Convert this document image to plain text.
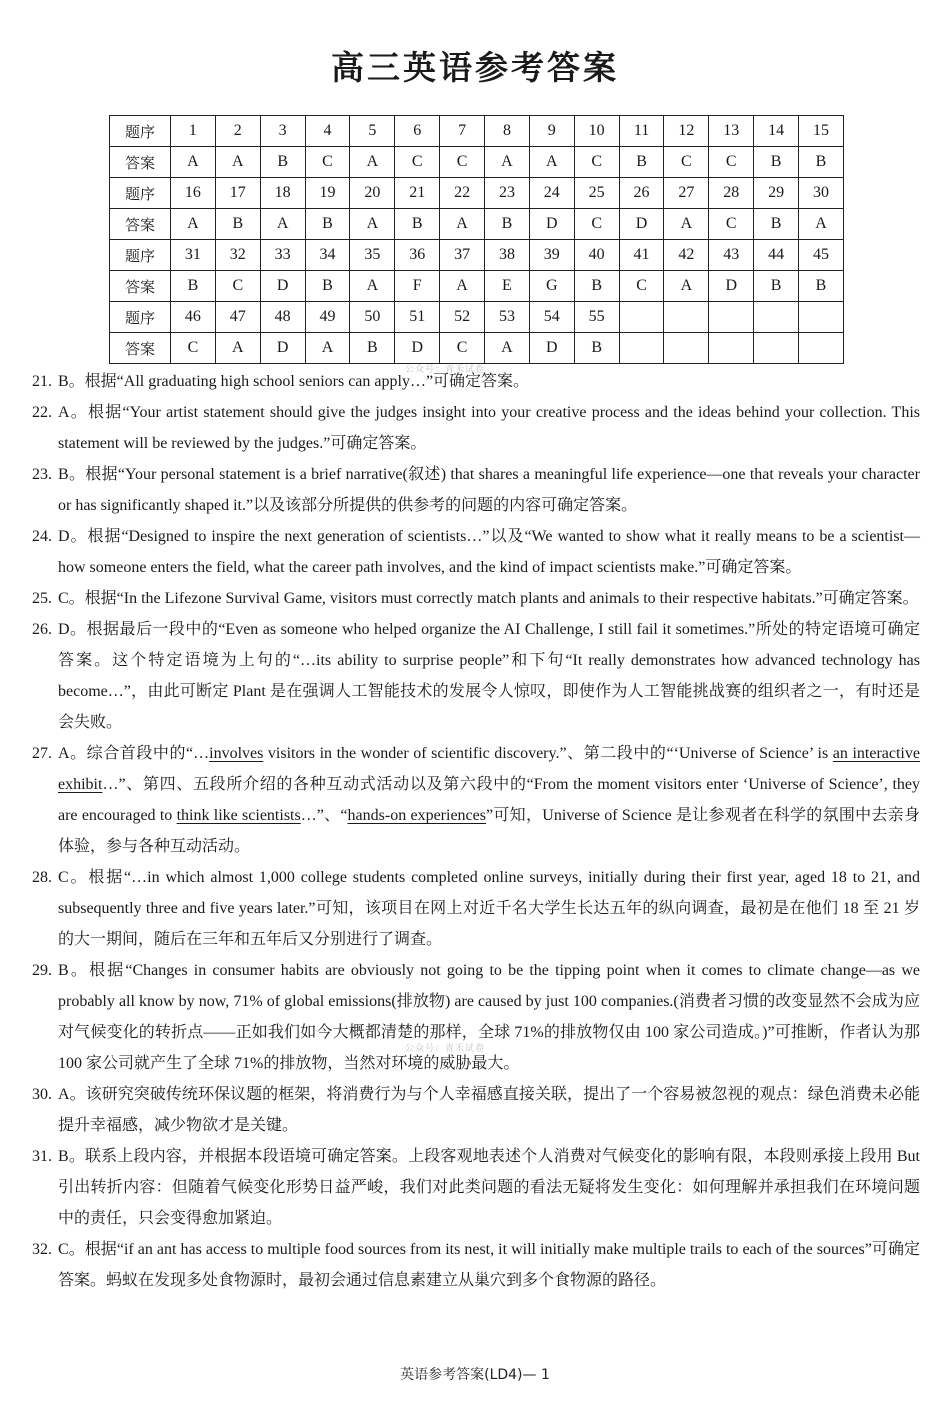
高三英语参考答案
题序	1	2	3	4	5	6	7	8	9	10	11	12	13	14	15
答案	A	A	B	C	A	C	C	A	A	C	B	C	C	B	B
题序	16	17	18	19	20	21	22	23	24	25	26	27	28	29	30
答案	A	B	A	B	A	B	A	B	D	C	D	A	C	B	A
题序	31	32	33	34	35	36	37	38	39	40	41	42	43	44	45
答案	B	C	D	B	A	F	A	E	G	B	C	A	D	B	B
题序	46	47	48	49	50	51	52	53	54	55					
答案	C	A	D	A	B	D	C	A	D	B					
公众号：青禾试卷
公众号：青禾试卷
21. B。根据“All graduating high school seniors can apply…”可确定答案。
22. A。根据“Your artist statement should give the judges insight into your creative process and the ideas behind your collection. This statement will be reviewed by the judges.”可确定答案。
23. B。根据“Your personal statement is a brief narrative(叙述) that shares a meaningful life experience—one that reveals your character or has significantly shaped it.”以及该部分所提供的供参考的问题的内容可确定答案。
24. D。根据“Designed to inspire the next generation of scientists…”以及“We wanted to show what it really means to be a scientist—how someone enters the field, what the career path involves, and the kind of impact scientists make.”可确定答案。
25. C。根据“In the Lifezone Survival Game, visitors must correctly match plants and animals to their respective habitats.”可确定答案。
26. D。根据最后一段中的“Even as someone who helped organize the AI Challenge, I still fail it sometimes.”所处的特定语境可确定答案。这个特定语境为上句的“…its ability to surprise people”和下句“It really demonstrates how advanced technology has become…”，由此可断定 Plant 是在强调人工智能技术的发展令人惊叹，即使作为人工智能挑战赛的组织者之一，有时还是会失败。
27. A。综合首段中的“…involves visitors in the wonder of scientific discovery.”、第二段中的“‘Universe of Science’ is an interactive exhibit…”、第四、五段所介绍的各种互动式活动以及第六段中的“From the moment visitors enter ‘Universe of Science’, they are encouraged to think like scientists…”、“hands-on experiences”可知，Universe of Science 是让参观者在科学的氛围中去亲身体验，参与各种互动活动。
28. C。根据“…in which almost 1,000 college students completed online surveys, initially during their first year, aged 18 to 21, and subsequently three and five years later.”可知，该项目在网上对近千名大学生长达五年的纵向调查，最初是在他们 18 至 21 岁的大一期间，随后在三年和五年后又分别进行了调查。
29. B。根据“Changes in consumer habits are obviously not going to be the tipping point when it comes to climate change—as we probably all know by now, 71% of global emissions(排放物) are caused by just 100 companies.(消费者习惯的改变显然不会成为应对气候变化的转折点——正如我们如今大概都清楚的那样，全球 71%的排放物仅由 100 家公司造成。)”可推断，作者认为那 100 家公司就产生了全球 71%的排放物，当然对环境的威胁最大。
30. A。该研究突破传统环保议题的框架，将消费行为与个人幸福感直接关联，提出了一个容易被忽视的观点：绿色消费未必能提升幸福感，减少物欲才是关键。
31. B。联系上段内容，并根据本段语境可确定答案。上段客观地表述个人消费对气候变化的影响有限，本段则承接上段用 But 引出转折内容：但随着气候变化形势日益严峻，我们对此类问题的看法无疑将发生变化：如何理解并承担我们在环境问题中的责任，只会变得愈加紧迫。
32. C。根据“if an ant has access to multiple food sources from its nest, it will initially make multiple trails to each of the sources”可确定答案。蚂蚁在发现多处食物源时，最初会通过信息素建立从巢穴到多个食物源的路径。
英语参考答案(LD4)— 1
